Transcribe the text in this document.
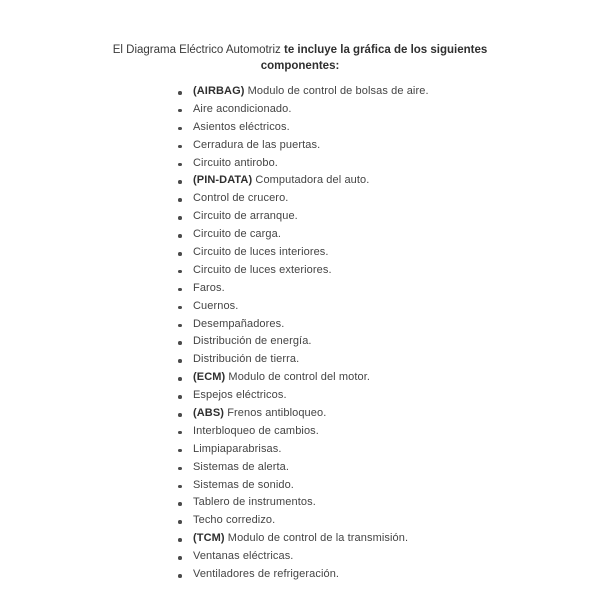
El Diagrama Eléctrico Automotriz te incluye la gráfica de los siguientes
componentes:
(AIRBAG) Modulo de control de bolsas de aire.
Aire acondicionado.
Asientos eléctricos.
Cerradura de las puertas.
Circuito antirobo.
(PIN-DATA) Computadora del auto.
Control de crucero.
Circuito de arranque.
Circuito de carga.
Circuito de luces interiores.
Circuito de luces exteriores.
Faros.
Cuernos.
Desempañadores.
Distribución de energía.
Distribución de tierra.
(ECM) Modulo de control del motor.
Espejos eléctricos.
(ABS) Frenos antibloqueo.
Interbloqueo de cambios.
Limpiaparabrisas.
Sistemas de alerta.
Sistemas de sonido.
Tablero de instrumentos.
Techo corredizo.
(TCM) Modulo de control de la transmisión.
Ventanas eléctricas.
Ventiladores de refrigeración.
